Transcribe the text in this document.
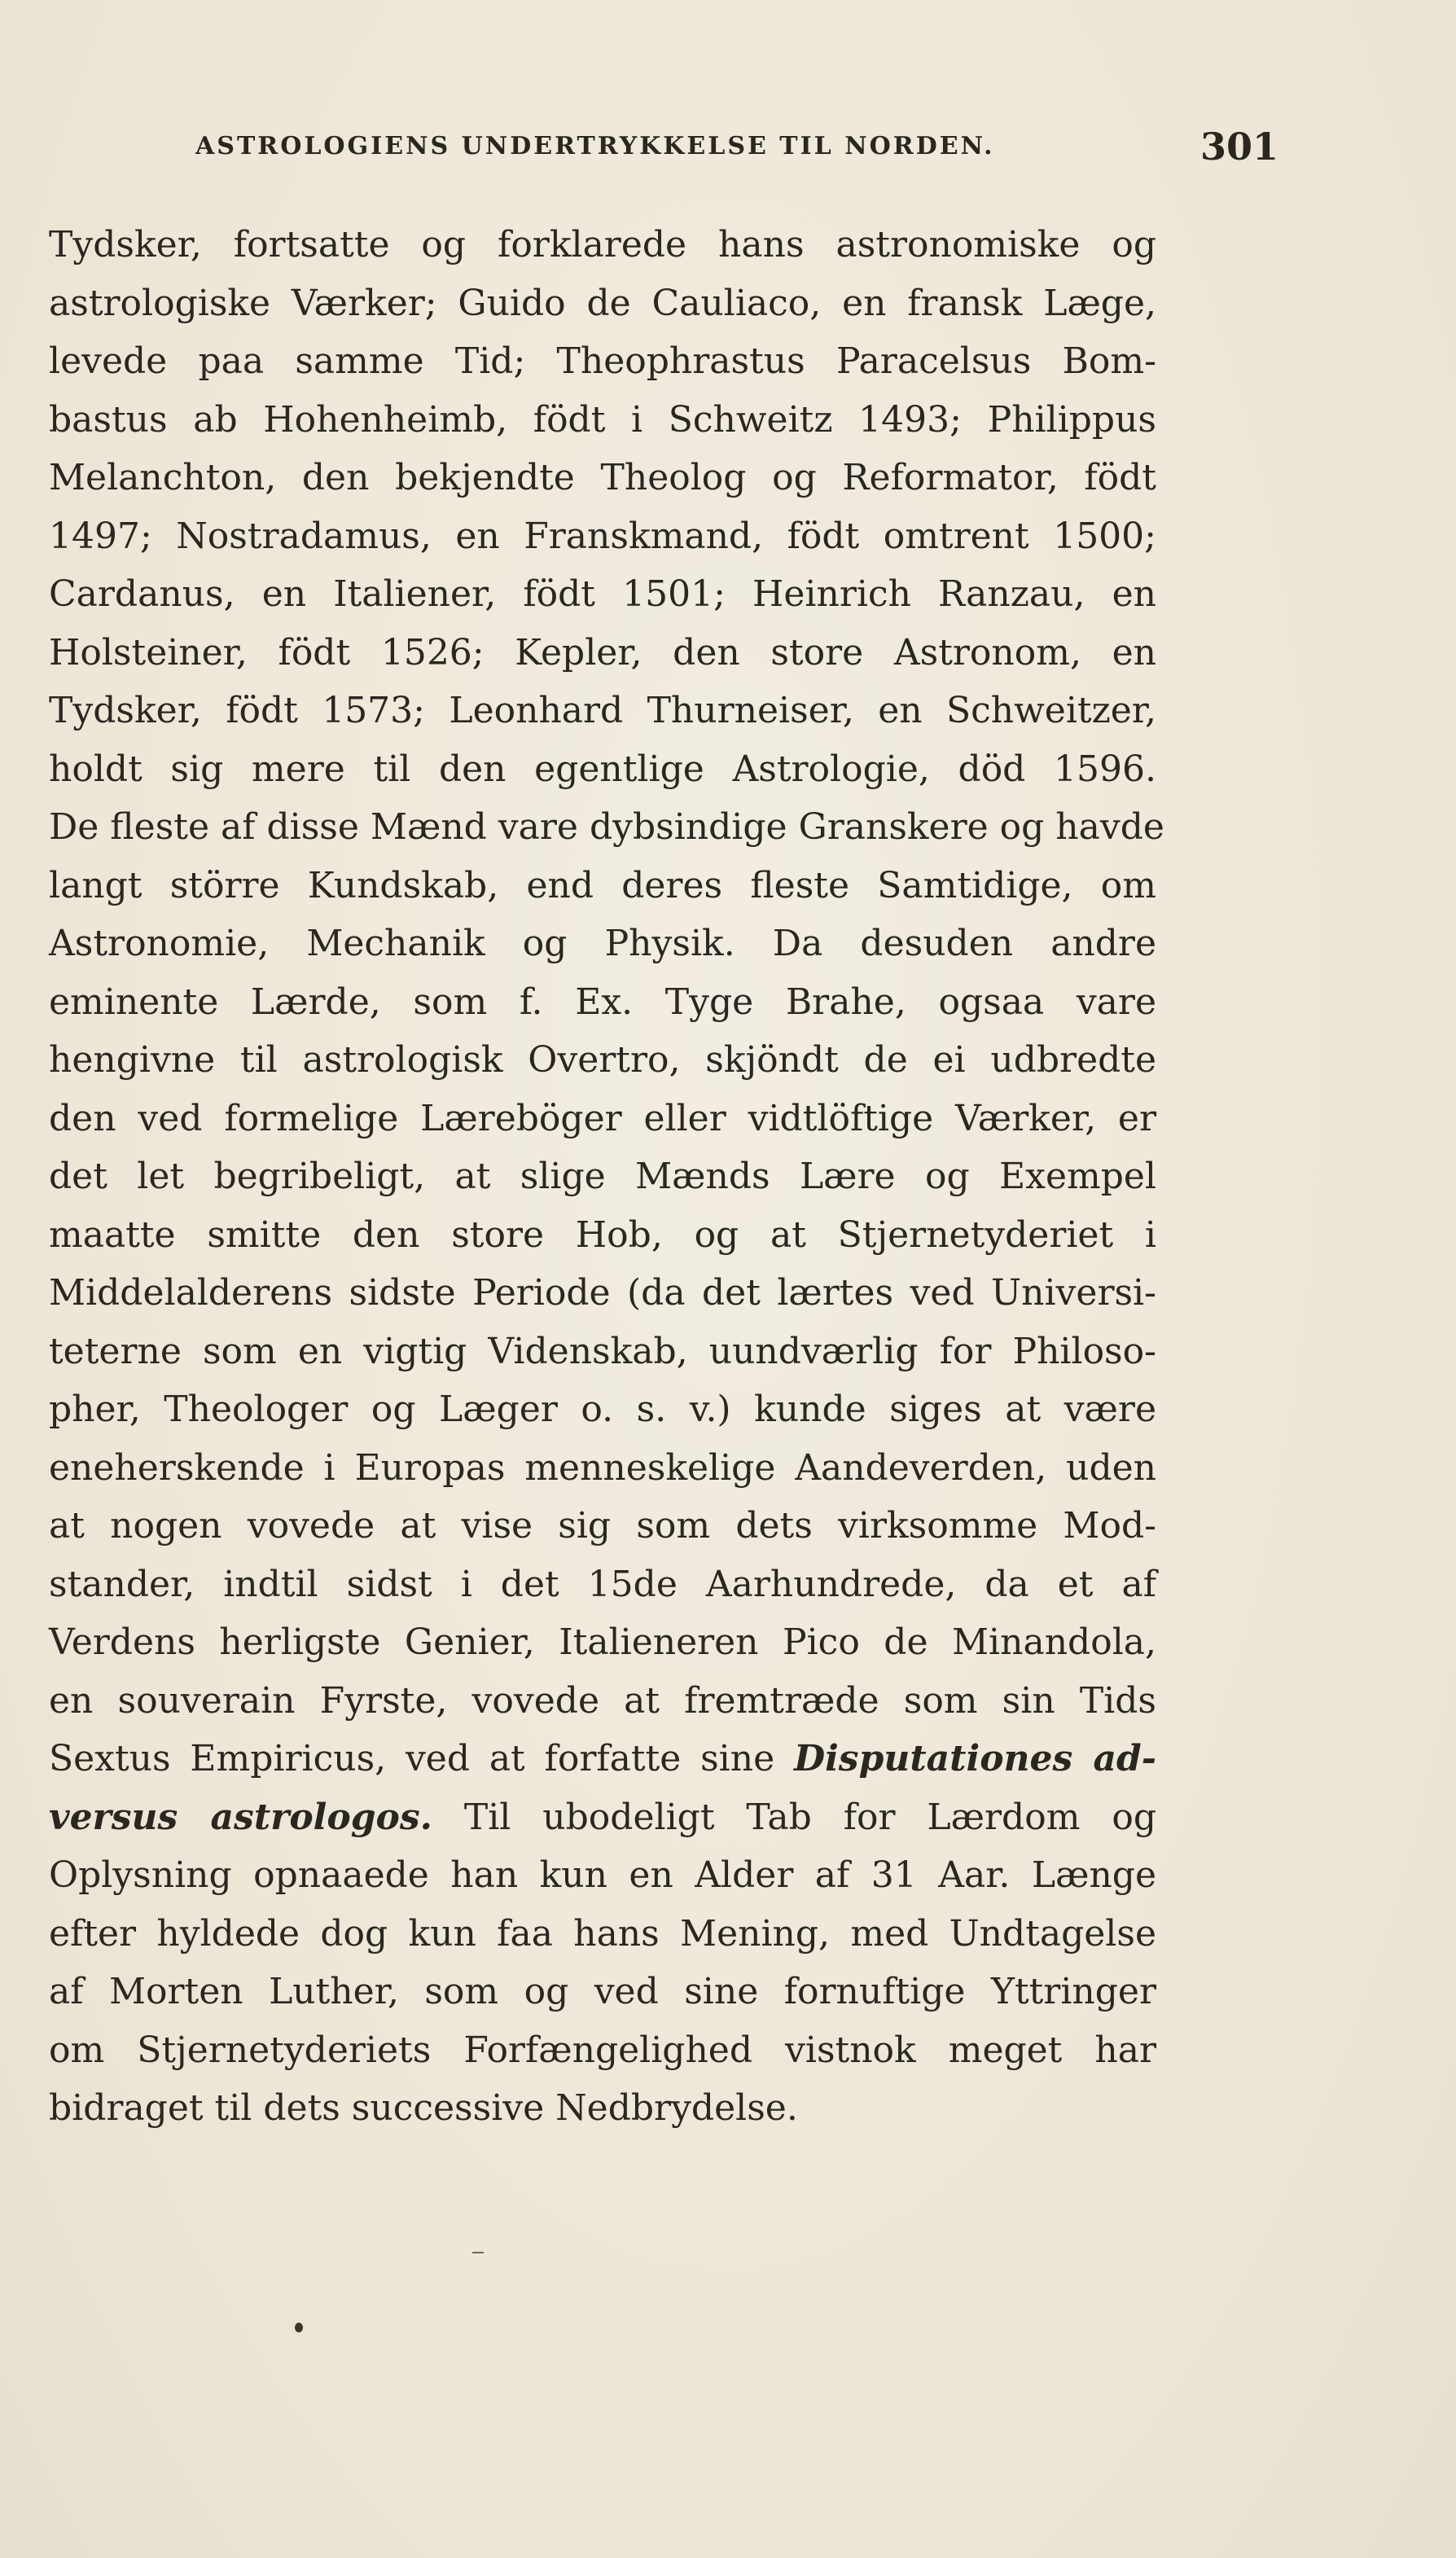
ASTROLOGIENS UNDERTRYKKELSE TIL NORDEN.	301
Tydsker, fortsatte og forklarede hans astronomiske og
astrologiske Værker; Guido de Cauliaco, en fransk Læge,
levede paa samme Tid; Theophrastus Paracelsus Bom-
bastus ab Hohenheimb, födt i Schweitz 1493; Philippus
Melanchton, den bekjendte Theolog og Reformator, födt
1497; Nostradamus, en Franskmand, födt omtrent 1500;
Cardanus, en Italiener, födt 1501; Heinrich Ranzau, en
Holsteiner, födt 1526; Kepler, den store Astronom, en
Tydsker, födt 1573; Leonhard Thurneiser, en Schweitzer,
holdt sig mere til den egentlige Astrologie, död 1596.
De fleste af disse Mænd vare dybsindige Granskere og havde
langt större Kundskab, end deres fleste Samtidige, om
Astronomie, Mechanik og Physik. Da desuden andre
eminente Lærde, som f. Ex. Tyge Brahe, ogsaa vare
hengivne til astrologisk Overtro, skjöndt de ei udbredte
den ved formelige Læreböger eller vidtlöftige Værker, er
det let begribeligt, at slige Mænds Lære og Exempel
maatte smitte den store Hob, og at Stjernetyderiet i
Middelalderens sidste Periode (da det lærtes ved Universi-
teterne som en vigtig Videnskab, uundværlig for Philoso-
pher, Theologer og Læger o. s. v.) kunde siges at være
eneherskende i Europas menneskelige Aandeverden, uden
at nogen vovede at vise sig som dets virksomme Mod-
stander, indtil sidst i det 15de Aarhundrede, da et af
Verdens herligste Genier, Italieneren Pico de Minandola,
en souverain Fyrste, vovede at fremtræde som sin Tids
Sextus Empiricus, ved at forfatte sine Disputationes ad-
versus astrologos. Til ubodeligt Tab for Lærdom og
Oplysning opnaaede han kun en Alder af 31 Aar. Længe
efter hyldede dog kun faa hans Mening, med Undtagelse
af Morten Luther, som og ved sine fornuftige Yttringer
om Stjernetyderiets Forfængelighed vistnok meget har
bidraget til dets successive Nedbrydelse.
